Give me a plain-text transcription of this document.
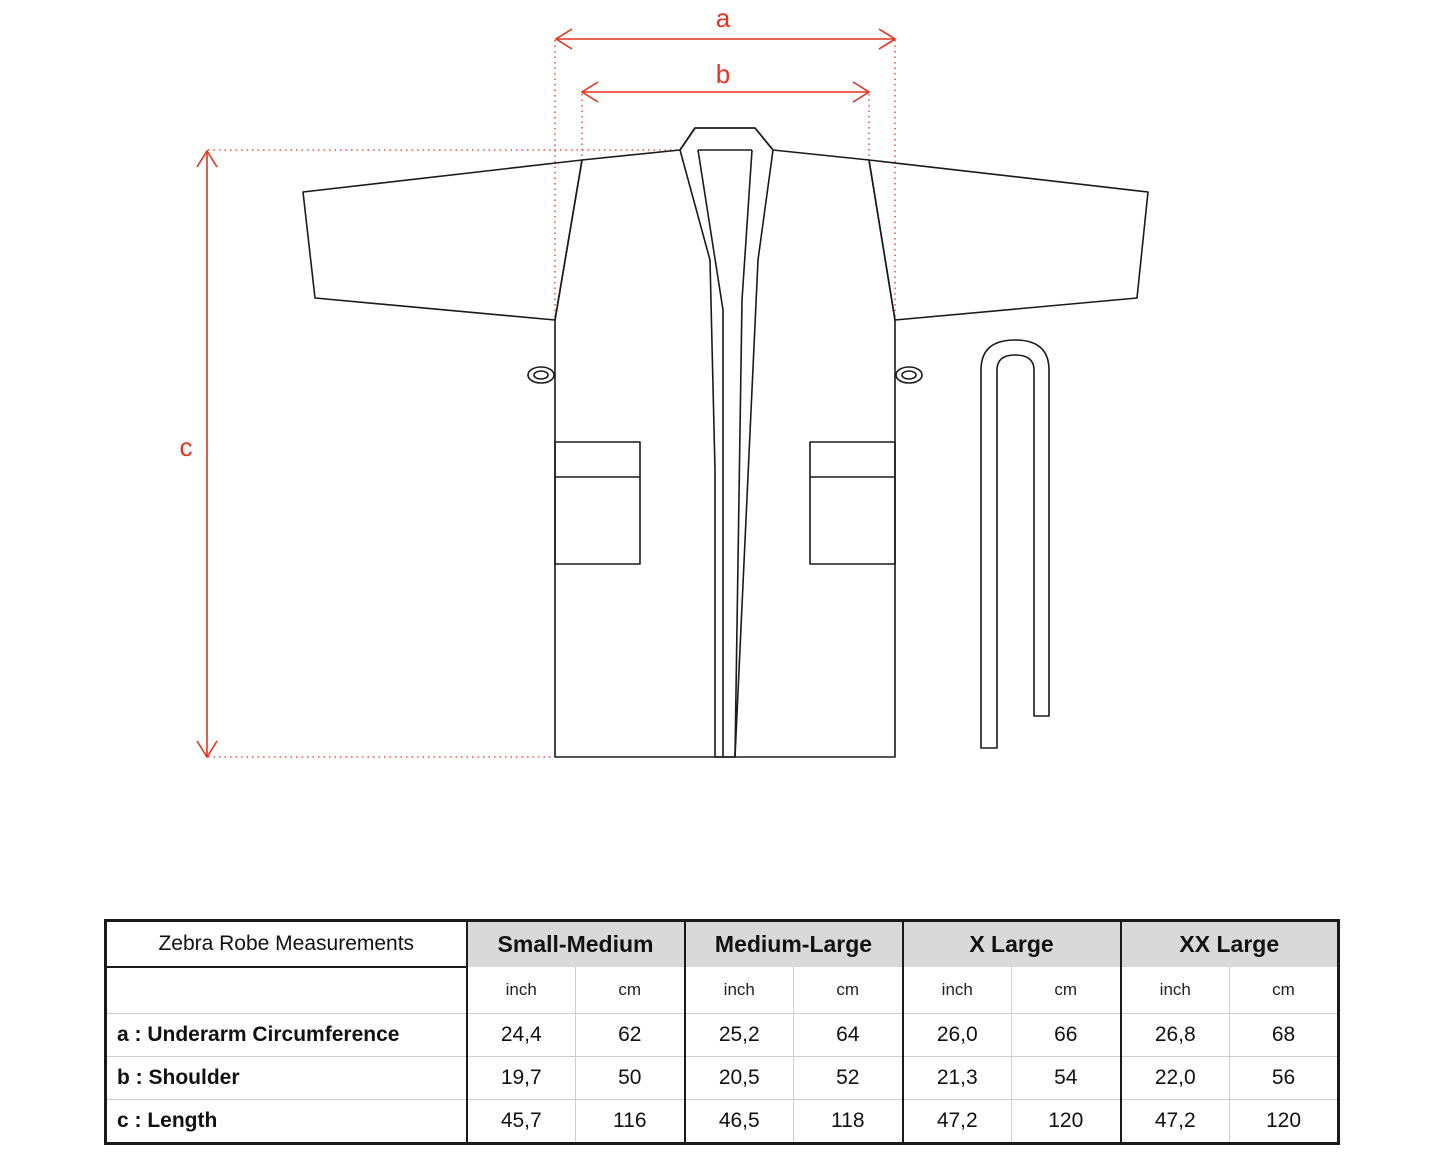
a
b
c
Zebra Robe Measurements	Small-Medium		Medium-Large		X Large		XX Large	
	inch	cm	inch	cm	inch	cm	inch	cm
a : Underarm Circumference	24,4	62	25,2	64	26,0	66	26,8	68
b : Shoulder	19,7	50	20,5	52	21,3	54	22,0	56
c : Length	45,7	116	46,5	118	47,2	120	47,2	120
